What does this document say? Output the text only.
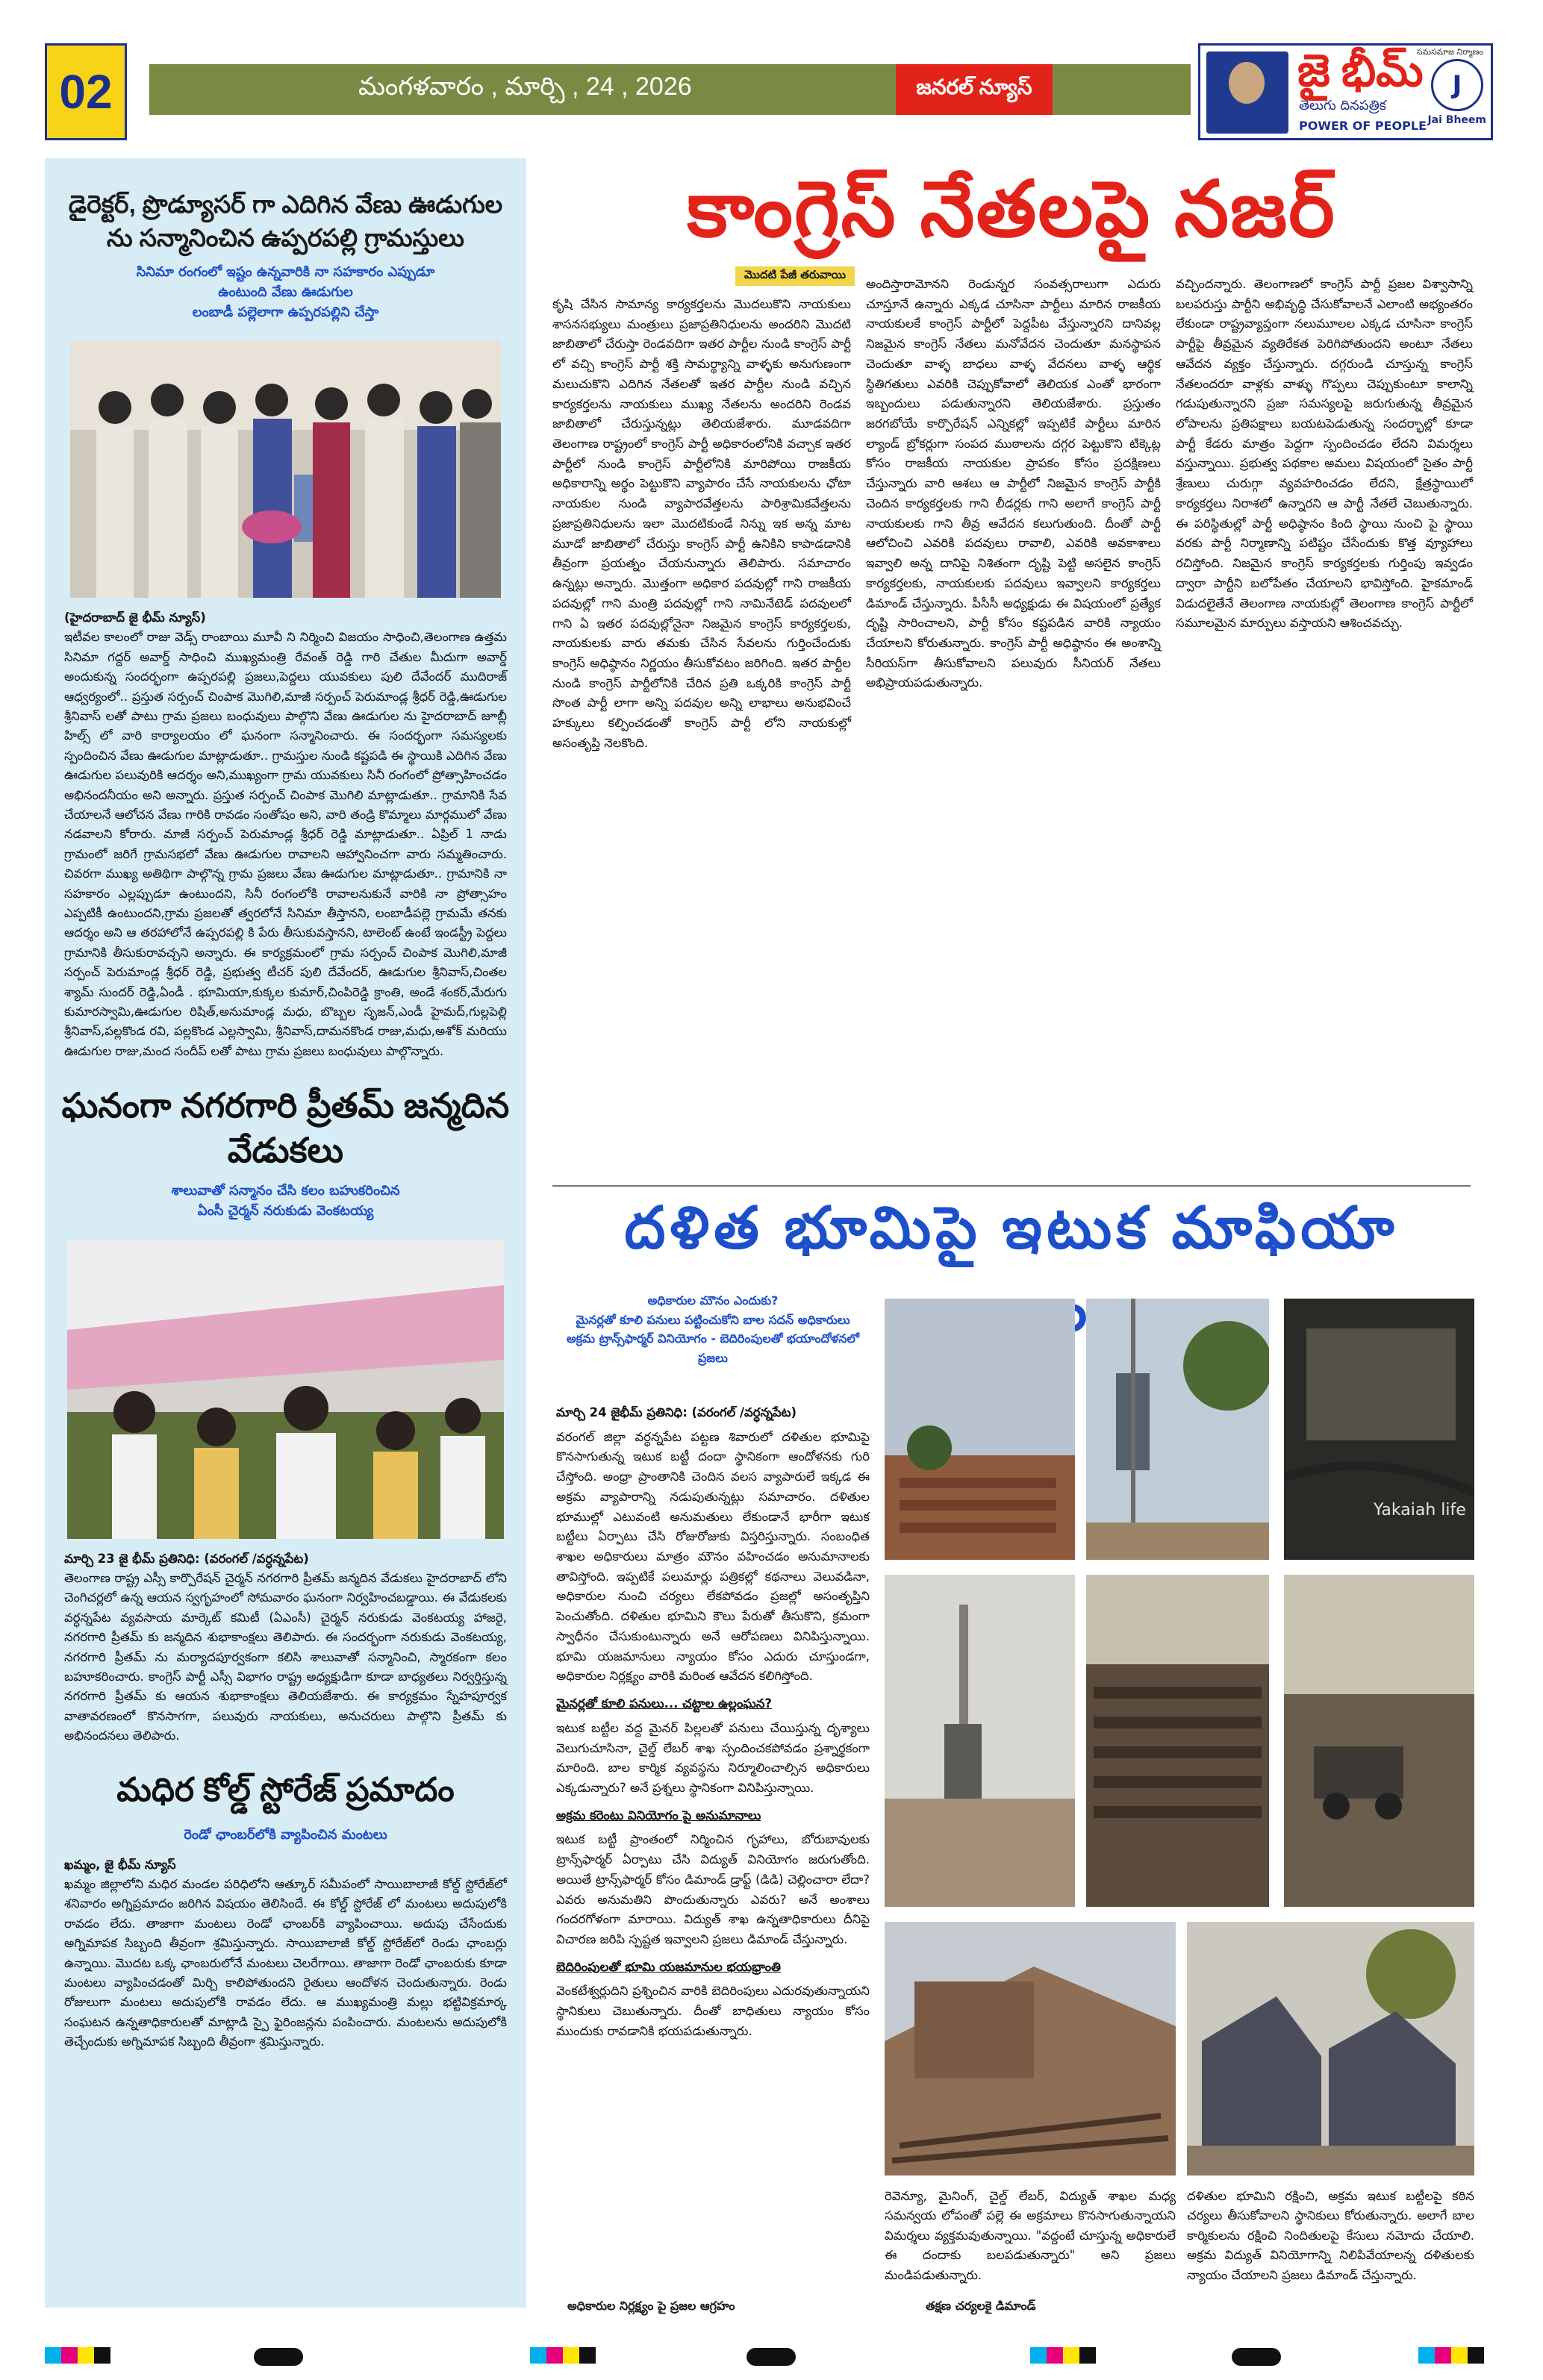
02	మంగళవారం , మార్చి , 24 , 2026	జనరల్ న్యూస్	జై భీమ్
తెలుగు దినపత్రిక
POWER OF PEOPLE
సమసమాజ నిర్మాణం
J
Jai Bheem
డైరెక్టర్, ప్రొడ్యూసర్ గా ఎదిగిన వేణు ఊడుగుల ను సన్మానించిన ఉప్పరపల్లి గ్రామస్తులు
సినిమా రంగంలో ఇష్టం ఉన్నవారికి నా సహకారం ఎప్పుడూ
ఉంటుంది వేణు ఊడుగుల
లంబాడీ పల్లెలాగా ఉప్పరపల్లిని చేస్తా

(హైదరాబాద్ జై భీమ్ న్యూస్)

ఇటీవల కాలంలో రాజు వెడ్స్ రాంబాయి మూవీ ని నిర్మించి విజయం సాధించి,తెలంగాణ ఉత్తమ సినిమా గద్దర్ అవార్డ్ సాధించి ముఖ్యమంత్రి రేవంత్ రెడ్డి గారి చేతుల మీదుగా అవార్డ్ అందుకున్న సందర్భంగా ఉప్పరపల్లి ప్రజలు,పెద్దలు యువకులు పులి దేవేందర్ ముదిరాజ్ ఆధ్వర్యంలో.. ప్రస్తుత సర్పంచ్ చింపాక మొగిలి,మాజీ సర్పంచ్ పెరుమాండ్ల శ్రీధర్ రెడ్డి,ఊడుగుల శ్రీనివాస్ లతో పాటు గ్రామ ప్రజలు బంధువులు పాల్గొని వేణు ఊడుగుల ను హైదరాబాద్ జూబ్లీ హిల్స్ లో వారి కార్యాలయం లో ఘనంగా సన్మానించారు. ఈ సందర్భంగా సమస్యలకు స్పందించిన వేణు ఊడుగుల మాట్లాడుతూ.. గ్రామస్తుల నుండి కష్టపడి ఈ స్థాయికి ఎదిగిన వేణు ఊడుగుల పలువురికి ఆదర్శం అని,ముఖ్యంగా గ్రామ యువకులు సినీ రంగంలో ప్రోత్సాహించడం అభినందనీయం అని అన్నారు. ప్రస్తుత సర్పంచ్ చింపాక మొగిలి మాట్లాడుతూ.. గ్రామానికి సేవ చేయాలనే ఆలోచన వేణు గారికి రావడం సంతోషం అని, వారి తండ్రి కొమ్మాలు మార్గములో వేణు నడవాలని కోరారు. మాజీ సర్పంచ్ పెరుమాండ్ల శ్రీధర్ రెడ్డి మాట్లాడుతూ.. ఏప్రిల్ 1 నాడు గ్రామంలో జరిగే గ్రామసభలో వేణు ఊడుగుల రావాలని ఆహ్వానించగా వారు సమ్మతించారు. చివరగా ముఖ్య అతిథిగా పాల్గొన్న గ్రామ ప్రజలు వేణు ఊడుగుల మాట్లాడుతూ.. గ్రామానికి నా సహకారం ఎల్లప్పుడూ ఉంటుందని, సినీ రంగంలోకి రావాలనుకునే వారికి నా ప్రోత్సాహం ఎప్పటికీ ఉంటుందని,గ్రామ ప్రజలతో త్వరలోనే సినిమా తీస్తానని, లంబాడీపల్లె గ్రామమే తనకు ఆదర్శం అని ఆ తరహాలోనే ఉప్పరపల్లి కి పేరు తీసుకువస్తానని, టాలెంట్ ఉంటే ఇండస్ట్రీ పెద్దలు గ్రామానికి తీసుకురావచ్చని అన్నారు. ఈ కార్యక్రమంలో గ్రామ సర్పంచ్ చింపాక మొగిలి,మాజీ సర్పంచ్ పెరుమాండ్ల శ్రీధర్ రెడ్డి, ప్రభుత్వ టీచర్ పులి దేవేందర్, ఊడుగుల శ్రీనివాస్,చింతల శ్యామ్ సుందర్ రెడ్డి,ఏండీ . భూమియా,కుక్కల కుమార్,చింపిరెడ్డి క్రాంతి, అండే శంకర్,మేరుగు కుమారస్వామి,ఊడుగుల రిషిత్,అనుమాండ్ల మధు, బొబ్బల సృజన్,ఎండీ హైమద్,గుల్లపెల్లి శ్రీనివాస్,పల్లకొండ రవి, పల్లకొండ ఎల్లస్వామి, శ్రీనివాస్,దామనకొండ రాజు,మధు,అశోక్ మరియు ఊడుగుల రాజు,మంద సందీప్ లతో పాటు గ్రామ ప్రజలు బంధువులు పాల్గొన్నారు.

ఘనంగా నగరగారి ప్రీతమ్ జన్మదిన వేడుకలు
శాలువాతో సన్మానం చేసి కలం బహుకరించిన
ఏంసీ చైర్మన్ నరుకుడు వెంకటయ్య

మార్చి 23 జై భీమ్ ప్రతినిధి: (వరంగల్ /వర్ధన్నపేట)

తెలంగాణ రాష్ట్ర ఎస్సీ కార్పొరేషన్ చైర్మన్ నగరగారి ప్రీతమ్ జన్మదిన వేడుకలు హైదరాబాద్ లోని చెంగిచర్లలో ఉన్న ఆయన స్వగృహంలో సోమవారం ఘనంగా నిర్వహించబడ్డాయి. ఈ వేడుకలకు వర్ధన్నపేట వ్యవసాయ మార్కెట్ కమిటీ (ఏఎంసీ) చైర్మన్ నరుకుడు వెంకటయ్య హాజరై, నగరగారి ప్రీతమ్ కు జన్మదిన శుభాకాంక్షలు తెలిపారు. ఈ సందర్భంగా నరుకుడు వెంకటయ్య, నగరగారి ప్రీతమ్ ను మర్యాదపూర్వకంగా కలిసి శాలువాతో సన్మానించి, స్మారకంగా కలం బహూకరించారు. కాంగ్రెస్ పార్టీ ఎస్సీ విభాగం రాష్ట్ర అధ్యక్షుడిగా కూడా బాధ్యతలు నిర్వర్తిస్తున్న నగరగారి ప్రీతమ్ కు ఆయన శుభాకాంక్షలు తెలియజేశారు. ఈ కార్యక్రమం స్నేహపూర్వక వాతావరణంలో కొనసాగగా, పలువురు నాయకులు, అనుచరులు పాల్గొని ప్రీతమ్ కు అభినందనలు తెలిపారు.

మధిర కోల్డ్ స్టోరేజ్ ప్రమాదం
రెండో ఛాంబర్‌లోకి వ్యాపించిన మంటలు

ఖమ్మం, జై భీమ్ న్యూస్

ఖమ్మం జిల్లాలోని మధిర మండల పరిధిలోని ఆత్కూర్ సమీపంలో సాయిబాలాజీ కోల్డ్ స్టోరేజ్‌లో శనివారం అగ్నిప్రమాదం జరిగిన విషయం తెలిసిందే. ఈ కోల్డ్ స్టోరేజ్ లో మంటలు అదుపులోకి రావడం లేదు. తాజాగా మంటలు రెండో ఛాంబర్‌కి వ్యాపించాయి. అదుపు చేసేందుకు అగ్నిమాపక సిబ్బంది తీవ్రంగా శ్రమిస్తున్నారు. సాయిబాలాజీ కోల్డ్ స్టోరేజ్‌లో రెండు ఛాంబర్లు ఉన్నాయి. మొదట ఒక్క ఛాంబరులోనే మంటలు చెలరేగాయి. తాజాగా రెండో ఛాంబరుకు కూడా మంటలు వ్యాపించడంతో మిర్చి కాలిపోతుందని రైతులు ఆందోళన చెందుతున్నారు. రెండు రోజులుగా మంటలు అదుపులోకి రావడం లేదు. ఆ ముఖ్యమంత్రి మల్లు భట్టివిక్రమార్క సంఘటన ఉన్నతాధికారులతో మాట్లాడి స్పై ఫైరింజన్లను పంపించారు. మంటలను అదుపులోకి తెచ్చేందుకు అగ్నిమాపక సిబ్బంది తీవ్రంగా శ్రమిస్తున్నారు.

కాంగ్రెస్ నేతలపై నజర్
మొదటి పేజీ తరువాయి

కృషి చేసిన సామాన్య కార్యకర్తలను మొదలుకొని నాయకులు శాసనసభ్యులు మంత్రులు ప్రజాప్రతినిధులను అందరిని మొదటి జాబితాలో చేరుస్తా రెండవదిగా ఇతర పార్టీల నుండి కాంగ్రెస్ పార్టీ లో వచ్చి కాంగ్రెస్ పార్టీ శక్తి సామర్థ్యాన్ని వాళ్ళకు అనుగుణంగా మలుచుకొని ఎదిగిన నేతలతో ఇతర పార్టీల నుండి వచ్చిన కార్యకర్తలను నాయకులు ముఖ్య నేతలను అందరిని రెండవ జాబితాలో చేరుస్తున్నట్లు తెలియజేశారు. మూడవదిగా తెలంగాణ రాష్ట్రంలో కాంగ్రెస్ పార్టీ అధికారంలోనికి వచ్చాక ఇతర పార్టీలో నుండి కాంగ్రెస్ పార్టీలోనికి మారిపోయి రాజకీయ అధికారాన్ని అర్థం పెట్టుకొని వ్యాపారం చేసే నాయకులను ఛోటా నాయకుల నుండి వ్యాపారవేత్తలను పారిశ్రామికవేత్తలను ప్రజాప్రతినిధులను ఇలా మొదటికుండే నిన్ను ఇక అన్న మాట మూడో జాబితాలో చేరుస్తు కాంగ్రెస్ పార్టీ ఉనికిని కాపాడడానికి తీవ్రంగా ప్రయత్నం చేయనున్నారు తెలిపారు. సమాచారం ఉన్నట్లు అన్నారు. మొత్తంగా అధికార పదవుల్లో గాని రాజకీయ పదవుల్లో గాని మంత్రి పదవుల్లో గాని నామినేటెడ్ పదవులలో గాని ఏ ఇతర పదవుల్లోనైనా నిజమైన కాంగ్రెస్ కార్యకర్తలకు, నాయకులకు వారు తమకు చేసిన సేవలను గుర్తించేందుకు కాంగ్రెస్ అధిష్ఠానం నిర్ణయం తీసుకోవటం జరిగింది. ఇతర పార్టీల నుండి కాంగ్రెస్ పార్టీలోనికి చేరిన ప్రతి ఒక్కరికి కాంగ్రెస్ పార్టీ సొంత పార్టీ లాగా అన్ని పదవుల అన్ని లాభాలు అనుభవించే హక్కులు కల్పించడంతో కాంగ్రెస్ పార్టీ లోని నాయకుల్లో అసంతృప్తి నెలకొంది.

అందిస్తారామోనని రెండున్నర సంవత్సరాలుగా ఎదురు చూస్తూనే ఉన్నారు ఎక్కడ చూసినా పార్టీలు మారిన రాజకీయ నాయకులకే కాంగ్రెస్ పార్టీలో పెద్దపీట వేస్తున్నారని దానివల్ల నిజమైన కాంగ్రెస్ నేతలు మనోవేదన చెందుతూ మనస్థాపన చెందుతూ వాళ్ళ బాధలు వాళ్ళ వేదనలు వాళ్ళ ఆర్థిక స్థితిగతులు ఎవరికి చెప్పుకోవాలో తెలియక ఎంతో భారంగా ఇబ్బందులు పడుతున్నారని తెలియజేశారు. ప్రస్తుతం జరగబోయే కార్పొరేషన్ ఎన్నికల్లో ఇప్పటికే పార్టీలు మారిన ల్యాండ్ బ్రోకర్లుగా సంపద ముఠాలను దగ్గర పెట్టుకొని టిక్కెట్ల కోసం రాజకీయ నాయకుల ప్రాపకం కోసం ప్రదక్షిణలు చేస్తున్నారు వారి ఆశలు ఆ పార్టీలో నిజమైన కాంగ్రెస్ పార్టీకి చెందిన కార్యకర్తలకు గాని లీడర్లకు గాని అలాగే కాంగ్రెస్ పార్టీ నాయకులకు గాని తీవ్ర ఆవేదన కలుగుతుంది. దీంతో పార్టీ ఆలోచించి ఎవరికి పదవులు రావాలి, ఎవరికి అవకాశాలు ఇవ్వాలి అన్న దానిపై నిశితంగా దృష్టి పెట్టి అసలైన కాంగ్రెస్ కార్యకర్తలకు, నాయకులకు పదవులు ఇవ్వాలని కార్యకర్తలు డిమాండ్ చేస్తున్నారు. పీసీసీ అధ్యక్షుడు ఈ విషయంలో ప్రత్యేక దృష్టి సారించాలని, పార్టీ కోసం కష్టపడిన వారికి న్యాయం చేయాలని కోరుతున్నారు. కాంగ్రెస్ పార్టీ అధిష్ఠానం ఈ అంశాన్ని సీరియస్‌గా తీసుకోవాలని పలువురు సీనియర్ నేతలు అభిప్రాయపడుతున్నారు.

వచ్చిందన్నారు. తెలంగాణలో కాంగ్రెస్ పార్టీ ప్రజల విశ్వాసాన్ని బలపరుస్తు పార్టీని అభివృద్ధి చేసుకోవాలనే ఎలాంటి అభ్యంతరం లేకుండా రాష్ట్రవ్యాప్తంగా నలుమూలల ఎక్కడ చూసినా కాంగ్రెస్ పార్టీపై తీవ్రమైన వ్యతిరేకత పెరిగిపోతుందని అంటూ నేతలు ఆవేదన వ్యక్తం చేస్తున్నారు. దగ్గరుండి చూస్తున్న కాంగ్రెస్ నేతలందరూ వాళ్లకు వాళ్ళు గొప్పలు చెప్పుకుంటూ కాలాన్ని గడుపుతున్నారని ప్రజా సమస్యలపై జరుగుతున్న తీవ్రమైన లోపాలను ప్రతిపక్షాలు బయటపెడుతున్న సందర్భాల్లో కూడా పార్టీ కేడరు మాత్రం పెద్దగా స్పందించడం లేదని విమర్శలు వస్తున్నాయి. ప్రభుత్వ పథకాల అమలు విషయంలో సైతం పార్టీ శ్రేణులు చురుగ్గా వ్యవహరించడం లేదని, క్షేత్రస్థాయిలో కార్యకర్తలు నిరాశలో ఉన్నారని ఆ పార్టీ నేతలే చెబుతున్నారు. ఈ పరిస్థితుల్లో పార్టీ అధిష్ఠానం కింది స్థాయి నుంచి పై స్థాయి వరకు పార్టీ నిర్మాణాన్ని పటిష్టం చేసేందుకు కొత్త వ్యూహాలు రచిస్తోంది. నిజమైన కాంగ్రెస్ కార్యకర్తలకు గుర్తింపు ఇవ్వడం ద్వారా పార్టీని బలోపేతం చేయాలని భావిస్తోంది. హైకమాండ్ విడుదలైతేనే తెలంగాణ నాయకుల్లో తెలంగాణ కాంగ్రెస్ పార్టీలో సమూలమైన మార్పులు వస్తాయని ఆశించవచ్చు.

దళిత భూమిపై ఇటుక మాఫియా
అధికారుల మౌనం ఎందుకు?
మైనర్లతో కూలి పనులు పట్టించుకోని బాల సదన్ అధికారులు
అక్రమ ట్రాన్స్‌ఫార్మర్ వినియోగం - బెదిరింపులతో భయాందోళనలో ప్రజలు

మార్చి 24 జైభీమ్ ప్రతినిధి: (వరంగల్ /వర్ధన్నపేట)

వరంగల్ జిల్లా వర్ధన్నపేట పట్టణ శివారులో దళితుల భూమిపై కొనసాగుతున్న ఇటుక బట్టీ దందా స్థానికంగా ఆందోళనకు గురి చేస్తోంది. అంధ్రా ప్రాంతానికి చెందిన వలస వ్యాపారులే ఇక్కడ ఈ అక్రమ వ్యాపారాన్ని నడుపుతున్నట్లు సమాచారం. దళితుల భూముల్లో ఎటువంటి అనుమతులు లేకుండానే భారీగా ఇటుక బట్టీలు ఏర్పాటు చేసి రోజురోజుకు విస్తరిస్తున్నారు. సంబంధిత శాఖల అధికారులు మాత్రం మౌనం వహించడం అనుమానాలకు తావిస్తోంది. ఇప్పటికే పలుమార్లు పత్రికల్లో కథనాలు వెలువడినా, అధికారుల నుంచి చర్యలు లేకపోవడం ప్రజల్లో అసంతృప్తిని పెంచుతోంది. దళితుల భూమిని కౌలు పేరుతో తీసుకొని, క్రమంగా స్వాధీనం చేసుకుంటున్నారు అనే ఆరోపణలు వినిపిస్తున్నాయి. భూమి యజమానులు న్యాయం కోసం ఎదురు చూస్తుండగా, అధికారుల నిర్లక్ష్యం వారికి మరింత ఆవేదన కలిగిస్తోంది.

మైనర్లతో కూలి పనులు... చట్టాల ఉల్లంఘన?

ఇటుక బట్టీల వద్ద మైనర్ పిల్లలతో పనులు చేయిస్తున్న దృశ్యాలు వెలుగుచూసినా, చైల్డ్ లేబర్ శాఖ స్పందించకపోవడం ప్రశ్నార్థకంగా మారింది. బాల కార్మిక వ్యవస్థను నిర్మూలించాల్సిన అధికారులు ఎక్కడున్నారు? అనే ప్రశ్నలు స్థానికంగా వినిపిస్తున్నాయి.

అక్రమ కరెంటు వినియోగం పై అనుమానాలు

ఇటుక బట్టీ ప్రాంతంలో నిర్మించిన గృహాలు, బోరుబావులకు ట్రాన్స్‌ఫార్మర్ ఏర్పాటు చేసి విద్యుత్ వినియోగం జరుగుతోంది. అయితే ట్రాన్స్‌ఫార్మర్ కోసం డిమాండ్ డ్రాఫ్ట్ (డిడి) చెల్లించారా లేదా? ఎవరు అనుమతిని పొందుతున్నారు ఎవరు? అనే అంశాలు గందరగోళంగా మారాయి. విద్యుత్ శాఖ ఉన్నతాధికారులు దీనిపై విచారణ జరిపి స్పష్టత ఇవ్వాలని ప్రజలు డిమాండ్ చేస్తున్నారు.

బెదిరింపులతో భూమి యజమానుల భయభ్రాంతి

వెంకటేశ్వర్లుదిని ప్రశ్నించిన వారికి బెదిరింపులు ఎదురవుతున్నాయని స్థానికులు చెబుతున్నారు. దీంతో బాధితులు న్యాయం కోసం ముందుకు రావడానికి భయపడుతున్నారు.

Yakaiah life
రెవెన్యూ, మైనింగ్, చైల్డ్ లేబర్, విద్యుత్ శాఖల మధ్య సమన్వయ లోపంతో పల్లె ఈ అక్రమాలు కొనసాగుతున్నాయని విమర్శలు వ్యక్తమవుతున్నాయి. "వద్దంటే చూస్తున్న అధికారులే ఈ దందాకు బలపడుతున్నారు" అని ప్రజలు మండిపడుతున్నారు.
దళితుల భూమిని రక్షించి, అక్రమ ఇటుక బట్టీలపై కఠిన చర్యలు తీసుకోవాలని స్థానికులు కోరుతున్నారు. అలాగే బాల కార్మికులను రక్షించి నిందితులపై కేసులు నమోదు చేయాలి. అక్రమ విద్యుత్ వినియోగాన్ని నిలిపివేయాలన్న దళితులకు న్యాయం చేయాలని ప్రజలు డిమాండ్ చేస్తున్నారు.
అధికారుల నిర్లక్ష్యం పై ప్రజల ఆగ్రహం	తక్షణ చర్యలకై డిమాండ్
